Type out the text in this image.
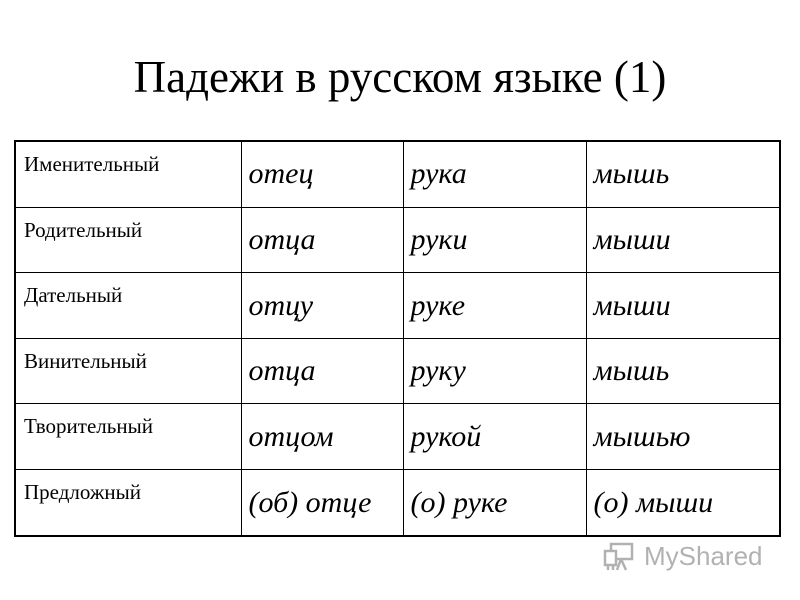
Падежи в русском языке (1)
Именительный	отец	рука	мышь
Родительный	отца	руки	мыши
Дательный	отцу	руке	мыши
Винительный	отца	руку	мышь
Творительный	отцом	рукой	мышью
Предложный	(об) отце	(о) руке	(о) мыши
MyShared
